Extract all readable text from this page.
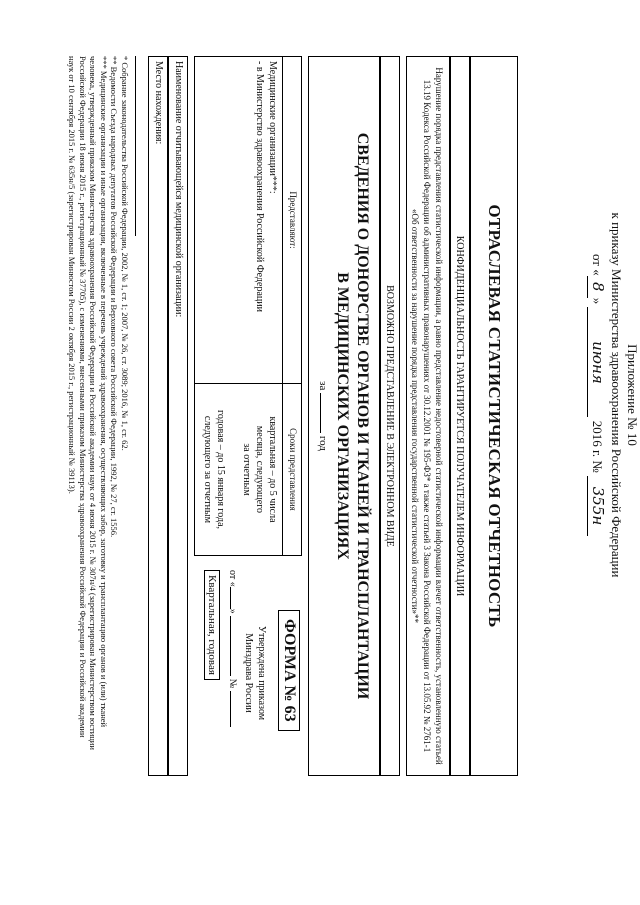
Приложение № 10
к приказу Министерства здравоохранения Российской Федерации
от «8» июня 2016 г. № 355н
ОТРАСЛЕВАЯ СТАТИСТИЧЕСКАЯ ОТЧЕТНОСТЬ
КОНФИДЕНЦИАЛЬНОСТЬ ГАРАНТИРУЕТСЯ ПОЛУЧАТЕЛЕМ ИНФОРМАЦИИ
Нарушение порядка представления статистической информации, а равно представление недостоверной статистической информации влечет ответственность, установленную статьей
13.19 Кодекса Российской Федерации об административных правонарушениях от 30.12.2001 № 195-ФЗ* а также статьей 3 Закона Российской Федерации от 13.05.92 № 2761-1
«Об ответственности за нарушение порядка представления государственной статистической отчетности»**
ВОЗМОЖНО ПРЕДСТАВЛЕНИЕ В ЭЛЕКТРОННОМ ВИДЕ
СВЕДЕНИЯ О ДОНОРСТВЕ ОРГАНОВ И ТКАНЕЙ И ТРАНСПЛАНТАЦИИ
В МЕДИЦИНСКИХ ОРГАНИЗАЦИЯХ
за  год
Представляют:
Сроки представления
Медицинские организации***:
- в Министерство здравоохранения Российской Федерации
квартальная – до 5 числа
месяца, следующего
за отчетным
годовая – до 15 января года,
следующего за отчетным
ФОРМА № 63
Утверждена приказом
Минздрава России
от «»  №
Квартальная, годовая
Наименование отчитывающейся медицинской организации:
Место нахождения:
* Собрание законодательства Российской Федерации, 2002, № 1, ст. 1; 2007, № 26, ст. 3089; 2016, № 1, ст. 62.
** Ведомости Съезда народных депутатов Российской Федерации и Верховного совета Российской Федерации, 1992, № 27, ст. 1556.
*** Медицинские организации и иные организации, включенные в перечень учреждений здравоохранения, осуществляющих забор, заготовку и трансплантацию органов и (или) тканей
человека, утвержденный приказом Министерства здравоохранения Российской Федерации и Российской академии наук от 4 июня 2015 г. № 307н/4 (зарегистрирован Министерством юстиции
Российской Федерации 18 июня 2015 г., регистрационный № 37705), с изменениями, внесенными приказом Министерства здравоохранения Российской Федерации и Российской академии
наук от 10 сентября 2015 г. № 635н/5 (зарегистрирован Минюстом России 2 октября 2015 г., регистрационный № 39113).
